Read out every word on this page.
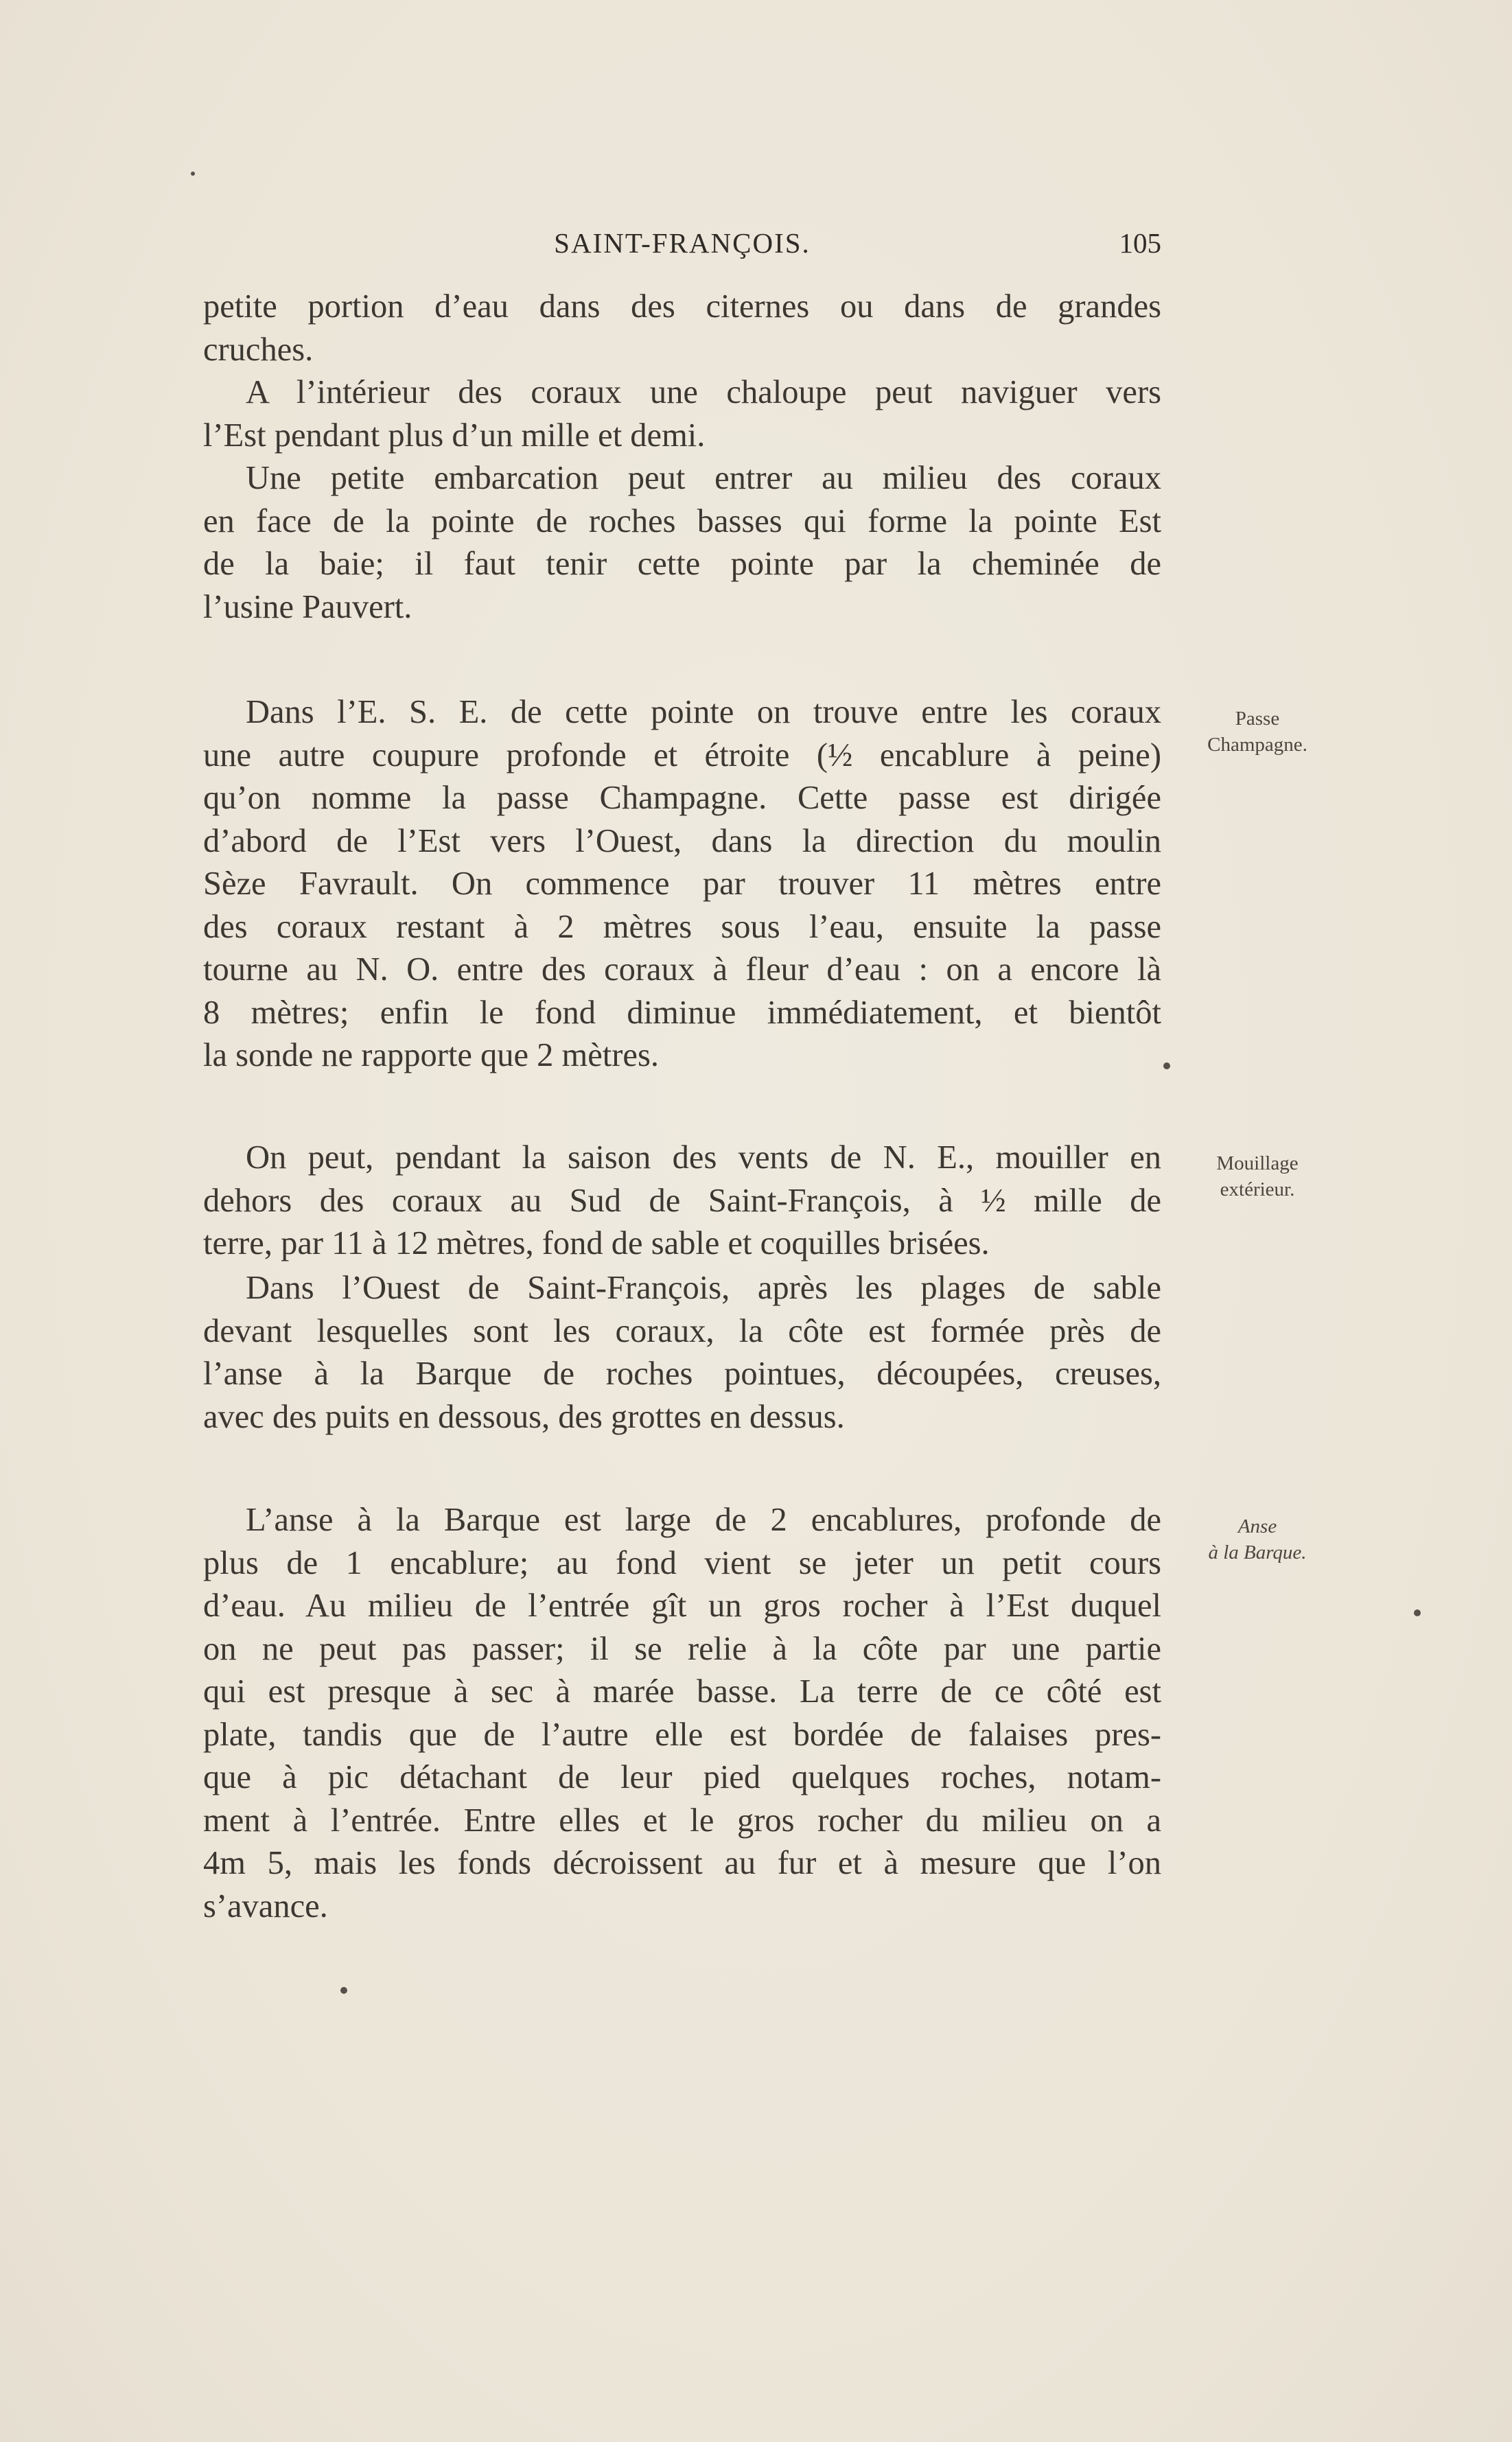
SAINT-FRANÇOIS.	105
petite portion d’eau dans des citernes ou dans de grandes
cruches.
A l’intérieur des coraux une chaloupe peut naviguer vers
l’Est pendant plus d’un mille et demi.
Une petite embarcation peut entrer au milieu des coraux
en face de la pointe de roches basses qui forme la pointe Est
de la baie; il faut tenir cette pointe par la cheminée de
l’usine Pauvert.
Dans l’E. S. E. de cette pointe on trouve entre les coraux
une autre coupure profonde et étroite (½ encablure à peine)
qu’on nomme la passe Champagne. Cette passe est dirigée
d’abord de l’Est vers l’Ouest, dans la direction du moulin
Sèze Favrault. On commence par trouver 11 mètres entre
des coraux restant à 2 mètres sous l’eau, ensuite la passe
tourne au N. O. entre des coraux à fleur d’eau : on a encore là
8 mètres; enfin le fond diminue immédiatement, et bientôt
la sonde ne rapporte que 2 mètres.
Passe
Champagne.
On peut, pendant la saison des vents de N. E., mouiller en
dehors des coraux au Sud de Saint-François, à ½ mille de
terre, par 11 à 12 mètres, fond de sable et coquilles brisées.
Mouillage
extérieur.
Dans l’Ouest de Saint-François, après les plages de sable
devant lesquelles sont les coraux, la côte est formée près de
l’anse à la Barque de roches pointues, découpées, creuses,
avec des puits en dessous, des grottes en dessus.
L’anse à la Barque est large de 2 encablures, profonde de
plus de 1 encablure; au fond vient se jeter un petit cours
d’eau. Au milieu de l’entrée gît un gros rocher à l’Est duquel
on ne peut pas passer; il se relie à la côte par une partie
qui est presque à sec à marée basse. La terre de ce côté est
plate, tandis que de l’autre elle est bordée de falaises pres-
que à pic détachant de leur pied quelques roches, notam-
ment à l’entrée. Entre elles et le gros rocher du milieu on a
4m 5, mais les fonds décroissent au fur et à mesure que l’on
s’avance.
Anse
à la Barque.
